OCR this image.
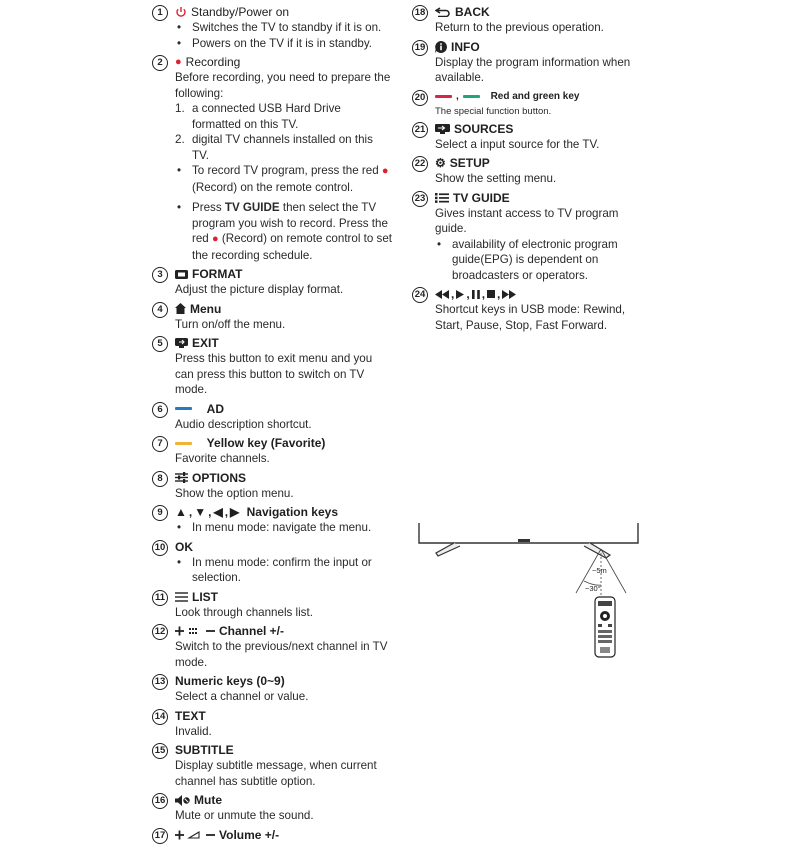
1	Standby/Power on
• Switches the TV to standby if it is on.
• Powers on the TV if it is in standby.
2	● Recording
Before recording, you need to prepare the following:
1. a connected USB Hard Drive formatted on this TV.
2. digital TV channels installed on this TV.
• To record TV program, press the red ● (Record) on the remote control.
• Press TV GUIDE then select the TV program you wish to record. Press the red ● (Record) on remote control to set the recording schedule.
3	FORMAT
Adjust the picture display format.
4	Menu
Turn on/off the menu.
5	EXIT
Press this button to exit menu and you can press this button to switch on TV mode.
6
	AD
Audio description shortcut.
7
	Yellow key (Favorite)
Favorite channels.
8	OPTIONS
Show the option menu.
9	▲ , ▼ , ◀ , ▶
Navigation keys
• In menu mode: navigate the menu.
10 OK
• In menu mode: confirm the input or selection.
11 LIST
Look through channels list.
12	Channel +/-
Switch to the previous/next channel in TV mode.
13 Numeric keys (0~9)
Select a channel or value.
14 TEXT
Invalid.
15 SUBTITLE
Display subtitle message, when current channel has subtitle option.
16 Mute
Mute or unmute the sound.
17	Volume +/-
18 BACK
Return to the previous operation.
19 INFO
Display the program information when available.
20	,
	Red and green key
The special function button.
21 SOURCES
Select a input source for the TV.
22 ⚙ SETUP
Show the setting menu.
23 TV GUIDE
Gives instant access to TV program guide.
• availability of electronic program guide(EPG) is dependent on broadcasters or operators.
24 , , , ,
Shortcut keys in USB mode: Rewind, Start, Pause, Stop, Fast Forward.
~5m
~30°
